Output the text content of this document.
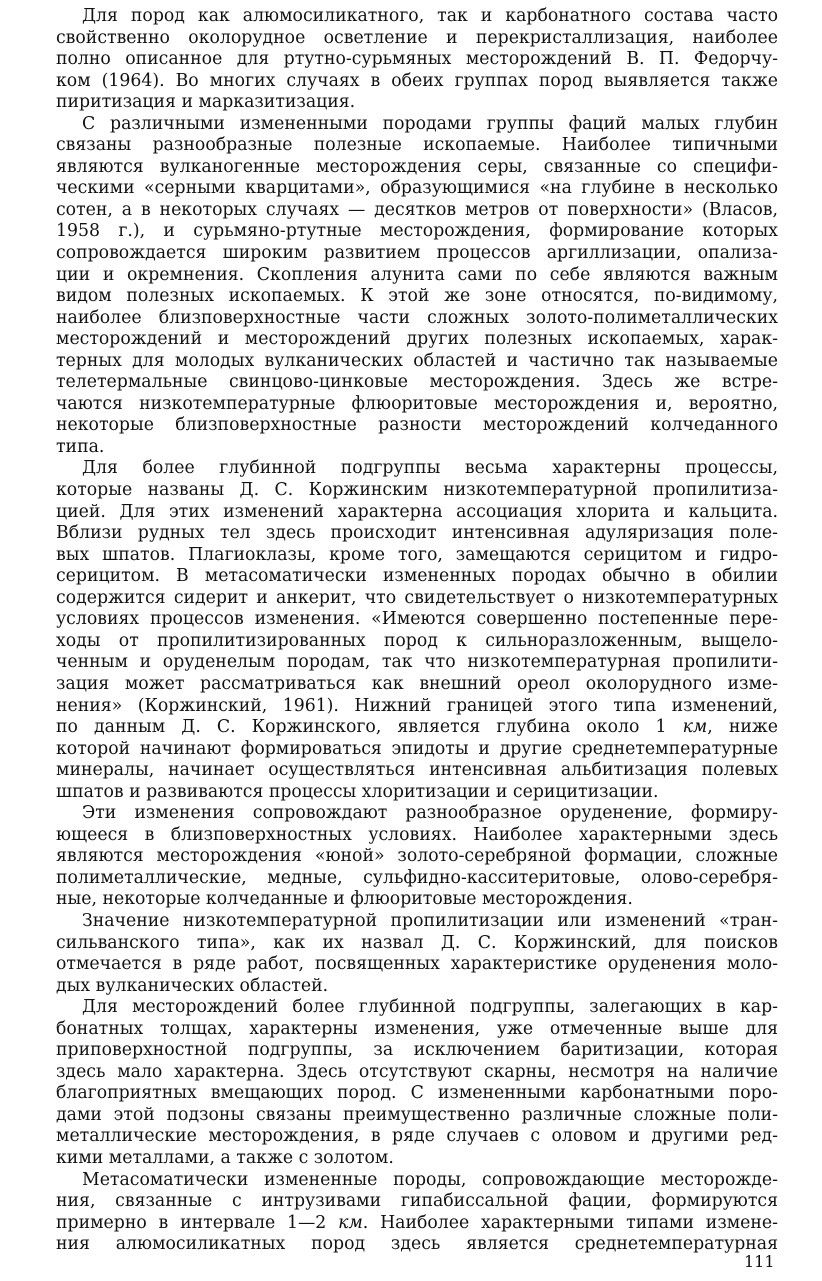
Для пород как алюмосиликатного, так и карбонатного состава часто
свойственно околорудное осветление и перекристаллизация, наиболее
полно описанное для ртутно-сурьмяных месторождений В. П. Федорчу-
ком (1964). Во многих случаях в обеих группах пород выявляется также
пиритизация и марказитизация.
С различными измененными породами группы фаций малых глубин
связаны разнообразные полезные ископаемые. Наиболее типичными
являются вулканогенные месторождения серы, связанные со специфи-
ческими «серными кварцитами», образующимися «на глубине в несколько
сотен, а в некоторых случаях — десятков метров от поверхности» (Власов,
1958 г.), и сурьмяно-ртутные месторождения, формирование которых
сопровождается широким развитием процессов аргиллизации, опализа-
ции и окремнения. Скопления алунита сами по себе являются важным
видом полезных ископаемых. К этой же зоне относятся, по-видимому,
наиболее близповерхностные части сложных золото-полиметаллических
месторождений и месторождений других полезных ископаемых, харак-
терных для молодых вулканических областей и частично так называемые
телетермальные свинцово-цинковые месторождения. Здесь же встре-
чаются низкотемпературные флюоритовые месторождения и, вероятно,
некоторые близповерхностные разности месторождений колчеданного
типа.
Для более глубинной подгруппы весьма характерны процессы,
которые названы Д. С. Коржинским низкотемпературной пропилитиза-
цией. Для этих изменений характерна ассоциация хлорита и кальцита.
Вблизи рудных тел здесь происходит интенсивная адуляризация поле-
вых шпатов. Плагиоклазы, кроме того, замещаются серицитом и гидро-
серицитом. В метасоматически измененных породах обычно в обилии
содержится сидерит и анкерит, что свидетельствует о низкотемпературных
условиях процессов изменения. «Имеются совершенно постепенные пере-
ходы от пропилитизированных пород к сильноразложенным, выщело-
ченным и оруденелым породам, так что низкотемпературная пропилити-
зация может рассматриваться как внешний ореол околорудного изме-
нения» (Коржинский, 1961). Нижний границей этого типа изменений,
по данным Д. С. Коржинского, является глубина около 1 км, ниже
которой начинают формироваться эпидоты и другие среднетемпературные
минералы, начинает осуществляться интенсивная альбитизация полевых
шпатов и развиваются процессы хлоритизации и серицитизации.
Эти изменения сопровождают разнообразное оруденение, формиру-
ющееся в близповерхностных условиях. Наиболее характерными здесь
являются месторождения «юной» золото-серебряной формации, сложные
полиметаллические, медные, сульфидно-касситеритовые, олово-серебря-
ные, некоторые колчеданные и флюоритовые месторождения.
Значение низкотемпературной пропилитизации или изменений «тран-
сильванского типа», как их назвал Д. С. Коржинский, для поисков
отмечается в ряде работ, посвященных характеристике оруденения моло-
дых вулканических областей.
Для месторождений более глубинной подгруппы, залегающих в кар-
бонатных толщах, характерны изменения, уже отмеченные выше для
приповерхностной подгруппы, за исключением баритизации, которая
здесь мало характерна. Здесь отсутствуют скарны, несмотря на наличие
благоприятных вмещающих пород. С измененными карбонатными поро-
дами этой подзоны связаны преимущественно различные сложные поли-
металлические месторождения, в ряде случаев с оловом и другими ред-
кими металлами, а также с золотом.
Метасоматически измененные породы, сопровождающие месторожде-
ния, связанные с интрузивами гипабиссальной фации, формируются
примерно в интервале 1—2 км. Наиболее характерными типами измене-
ния алюмосиликатных пород здесь является среднетемпературная
111
